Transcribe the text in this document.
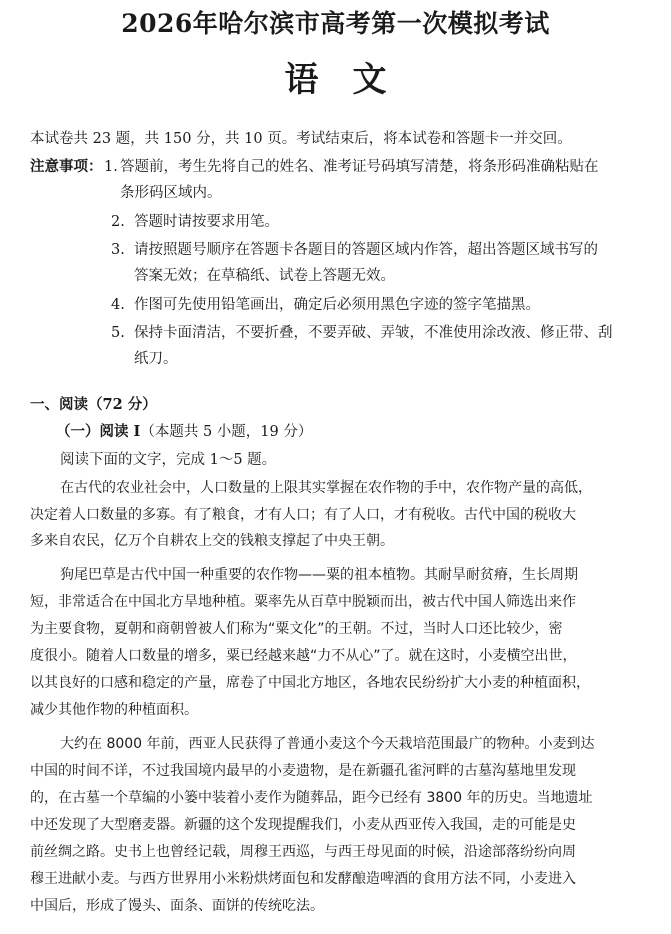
2026年哈尔滨市高考第一次模拟考试
语文
本试卷共 23 题，共 150 分，共 10 页。考试结束后，将本试卷和答题卡一并交回。
注意事项： 1. 答题前，考生先将自己的姓名、准考证号码填写清楚，将条形码准确粘贴在
条形码区域内。
2. 答题时请按要求用笔。
3. 请按照题号顺序在答题卡各题目的答题区域内作答，超出答题区域书写的
答案无效；在草稿纸、试卷上答题无效。
4. 作图可先使用铅笔画出，确定后必须用黑色字迹的签字笔描黑。
5. 保持卡面清洁，不要折叠，不要弄破、弄皱，不准使用涂改液、修正带、刮
纸刀。
一、阅读（72 分）
（一）阅读 I（本题共 5 小题，19 分）
阅读下面的文字，完成 1～5 题。
在古代的农业社会中，人口数量的上限其实掌握在农作物的手中，农作物产量的高低，
决定着人口数量的多寡。有了粮食，才有人口；有了人口，才有税收。古代中国的税收大
多来自农民，亿万个自耕农上交的钱粮支撑起了中央王朝。
狗尾巴草是古代中国一种重要的农作物——粟的祖本植物。其耐旱耐贫瘠，生长周期
短，非常适合在中国北方旱地种植。粟率先从百草中脱颖而出，被古代中国人筛选出来作
为主要食物，夏朝和商朝曾被人们称为“粟文化”的王朝。不过，当时人口还比较少，密
度很小。随着人口数量的增多，粟已经越来越“力不从心”了。就在这时，小麦横空出世，
以其良好的口感和稳定的产量，席卷了中国北方地区，各地农民纷纷扩大小麦的种植面积，
减少其他作物的种植面积。
大约在 8000 年前，西亚人民获得了普通小麦这个今天栽培范围最广的物种。小麦到达
中国的时间不详，不过我国境内最早的小麦遗物，是在新疆孔雀河畔的古墓沟墓地里发现
的，在古墓一个草编的小篓中装着小麦作为随葬品，距今已经有 3800 年的历史。当地遗址
中还发现了大型磨麦器。新疆的这个发现提醒我们，小麦从西亚传入我国，走的可能是史
前丝绸之路。史书上也曾经记载，周穆王西巡，与西王母见面的时候，沿途部落纷纷向周
穆王进献小麦。与西方世界用小米粉烘烤面包和发酵酿造啤酒的食用方法不同，小麦进入
中国后，形成了馒头、面条、面饼的传统吃法。
